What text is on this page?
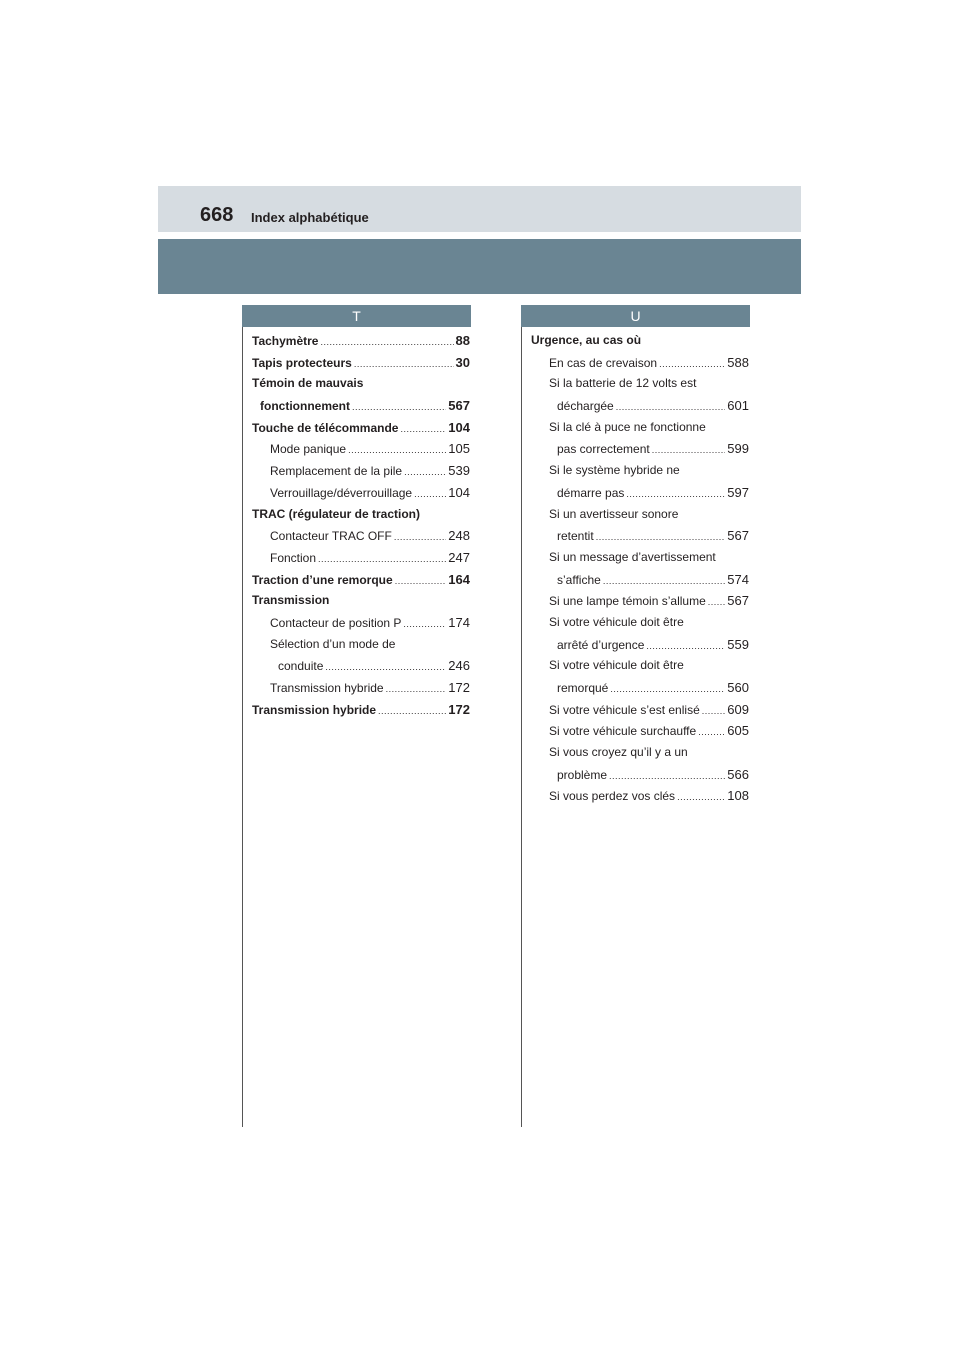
668 Index alphabétique
T	U
Tachymètre .....	88
Tapis protecteurs .....	30
Témoin de mauvais
fonctionnement .....	567
Touche de télécommande .....	104
Mode panique .....	105
Remplacement de la pile .....	539
Verrouillage/déverrouillage .....	104
TRAC (régulateur de traction)
Contacteur TRAC OFF .....	248
Fonction .....	247
Traction d’une remorque .....	164
Transmission
Contacteur de position P .....	174
Sélection d’un mode de
conduite .....	246
Transmission hybride .....	172
Transmission hybride .....	172
Urgence, au cas où
En cas de crevaison .....	588
Si la batterie de 12 volts est
déchargée .....	601
Si la clé à puce ne fonctionne
pas correctement .....	599
Si le système hybride ne
démarre pas .....	597
Si un avertisseur sonore
retentit .....	567
Si un message d’avertissement
s’affiche .....	574
Si une lampe témoin s’allume ..... 567
Si votre véhicule doit être
arrêté d’urgence .....	559
Si votre véhicule doit être
remorqué .....	560
Si votre véhicule s’est enlisé ..... 609
Si votre véhicule surchauffe ..... 605
Si vous croyez qu’il y a un
problème .....	566
Si vous perdez vos clés .....	108
